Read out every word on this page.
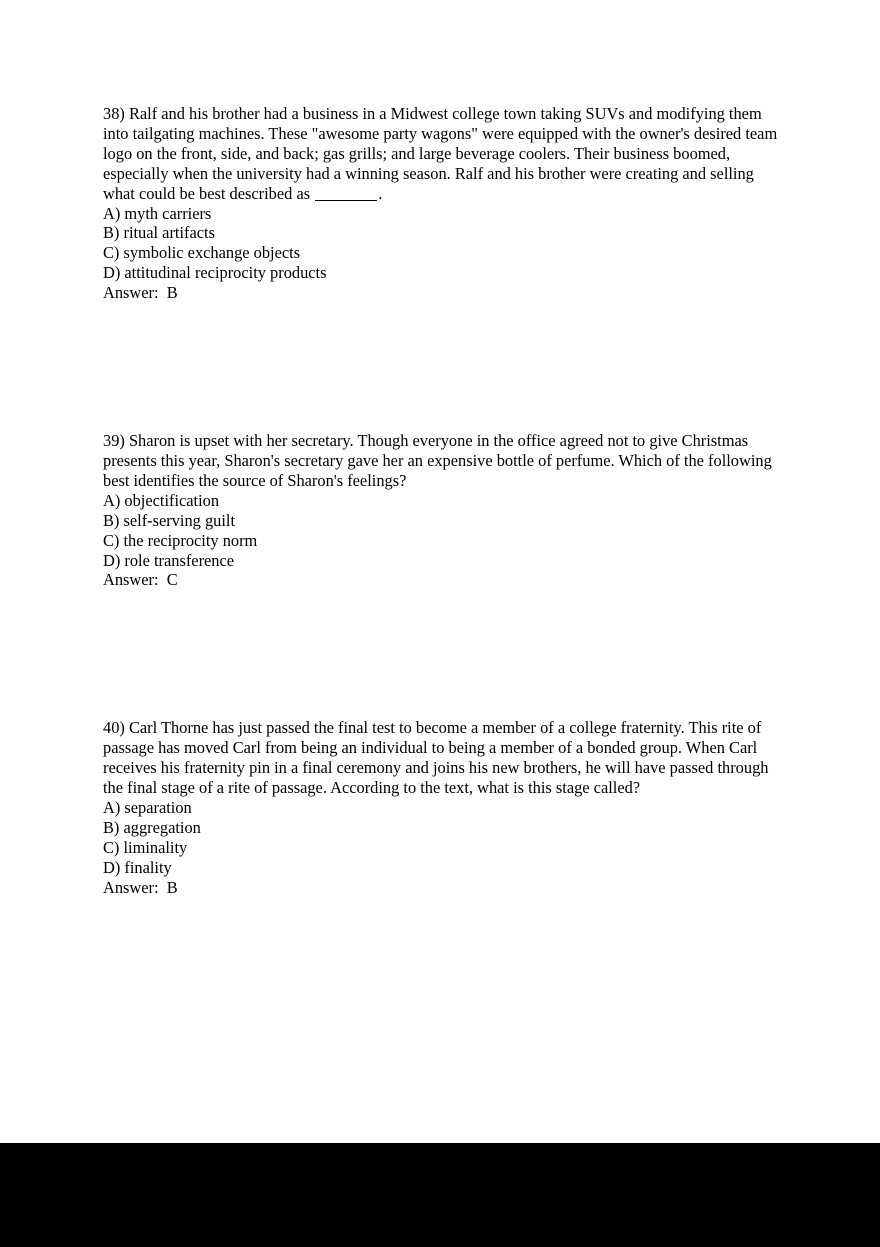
38) Ralf and his brother had a business in a Midwest college town taking SUVs and modifying them into tailgating machines. These "awesome party wagons" were equipped with the owner's desired team logo on the front, side, and back; gas grills; and large beverage coolers. Their business boomed, especially when the university had a winning season. Ralf and his brother were creating and selling what could be best described as	.

A) myth carriers
B) ritual artifacts
C) symbolic exchange objects
D) attitudinal reciprocity products
Answer:  B

39) Sharon is upset with her secretary. Though everyone in the office agreed not to give Christmas presents this year, Sharon's secretary gave her an expensive bottle of perfume. Which of the following best identifies the source of Sharon's feelings?

A) objectification
B) self-serving guilt
C) the reciprocity norm
D) role transference
Answer:  C

40) Carl Thorne has just passed the final test to become a member of a college fraternity. This rite of passage has moved Carl from being an individual to being a member of a bonded group. When Carl receives his fraternity pin in a final ceremony and joins his new brothers, he will have passed through the final stage of a rite of passage. According to the text, what is this stage called?

A) separation
B) aggregation
C) liminality
D) finality
Answer:  B
